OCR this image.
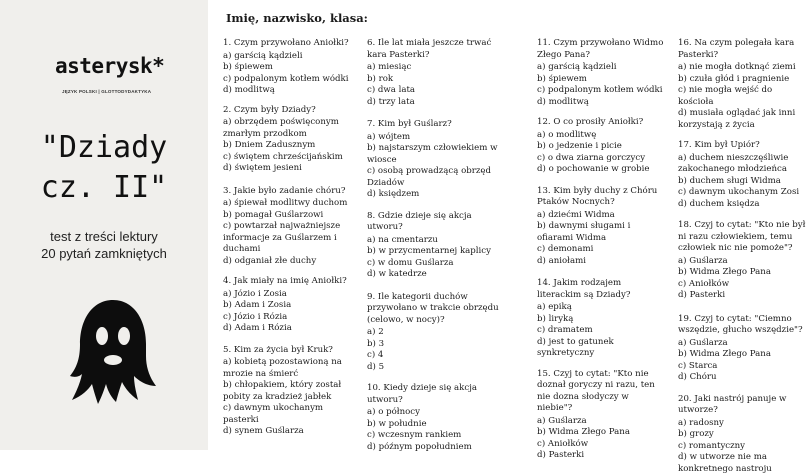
asterysk*
JĘZYK POLSKI | GLOTTODYDAKTYKA
"Dziady
cz. II"
test z treści lektury
20 pytań zamkniętych
Imię, nazwisko, klasa:
1. Czym przywołano Aniołki?
a) garścią kądzieli
b) śpiewem
c) podpalonym kotłem wódki
d) modlitwą
2. Czym były Dziady?
a) obrzędem poświęconym zmarłym przodkom
b) Dniem Zadusznym
c) świętem chrześcijańskim
d) świętem jesieni
3. Jakie było zadanie chóru?
a) śpiewał modlitwy duchom
b) pomagał Guślarzowi
c) powtarzał najważniejsze informacje za Guślarzem i duchami
d) odganiał złe duchy
4. Jak miały na imię Aniołki?
a) Józio i Zosia
b) Adam i Zosia
c) Józio i Rózia
d) Adam i Rózia
5. Kim za życia był Kruk?
a) kobietą pozostawioną na mrozie na śmierć
b) chłopakiem, który został pobity za kradzież jabłek
c) dawnym ukochanym pasterki
d) synem Guślarza
6. Ile lat miała jeszcze trwać kara Pasterki?
a) miesiąc
b) rok
c) dwa lata
d) trzy lata
7. Kim był Guślarz?
a) wójtem
b) najstarszym człowiekiem w wiosce
c) osobą prowadzącą obrzęd Dziadów
d) księdzem
8. Gdzie dzieje się akcja utworu?
a) na cmentarzu
b) w przycmentarnej kaplicy
c) w domu Guślarza
d) w katedrze
9. Ile kategorii duchów przywołano w trakcie obrzędu (celowo, w nocy)?
a) 2
b) 3
c) 4
d) 5
10. Kiedy dzieje się akcja utworu?
a) o północy
b) w południe
c) wczesnym rankiem
d) późnym popołudniem
11. Czym przywołano Widmo Złego Pana?
a) garścią kądzieli
b) śpiewem
c) podpalonym kotłem wódki
d) modlitwą
12. O co prosiły Aniołki?
a) o modlitwę
b) o jedzenie i picie
c) o dwa ziarna gorczycy
d) o pochowanie w grobie
13. Kim były duchy z Chóru Ptaków Nocnych?
a) dziećmi Widma
b) dawnymi sługami i ofiarami Widma
c) demonami
d) aniołami
14. Jakim rodzajem literackim są Dziady?
a) epiką
b) liryką
c) dramatem
d) jest to gatunek synkretyczny
15. Czyj to cytat: "Kto nie doznał goryczy ni razu, ten nie dozna słodyczy w niebie"?
a) Guślarza
b) Widma Złego Pana
c) Aniołków
d) Pasterki
16. Na czym polegała kara Pasterki?
a) nie mogła dotknąć ziemi
b) czuła głód i pragnienie
c) nie mogła wejść do kościoła
d) musiała oglądać jak inni korzystają z życia
17. Kim był Upiór?
a) duchem nieszczęśliwie zakochanego młodzieńca
b) duchem sługi Widma
c) dawnym ukochanym Zosi
d) duchem księdza
18. Czyj to cytat: "Kto nie był ni razu człowiekiem, temu człowiek nic nie pomoże"?
a) Guślarza
b) Widma Złego Pana
c) Aniołków
d) Pasterki
19. Czyj to cytat: "Ciemno wszędzie, głucho wszędzie"?
a) Guślarza
b) Widma Złego Pana
c) Starca
d) Chóru
20. Jaki nastrój panuje w utworze?
a) radosny
b) grozy
c) romantyczny
d) w utworze nie ma konkretnego nastroju
